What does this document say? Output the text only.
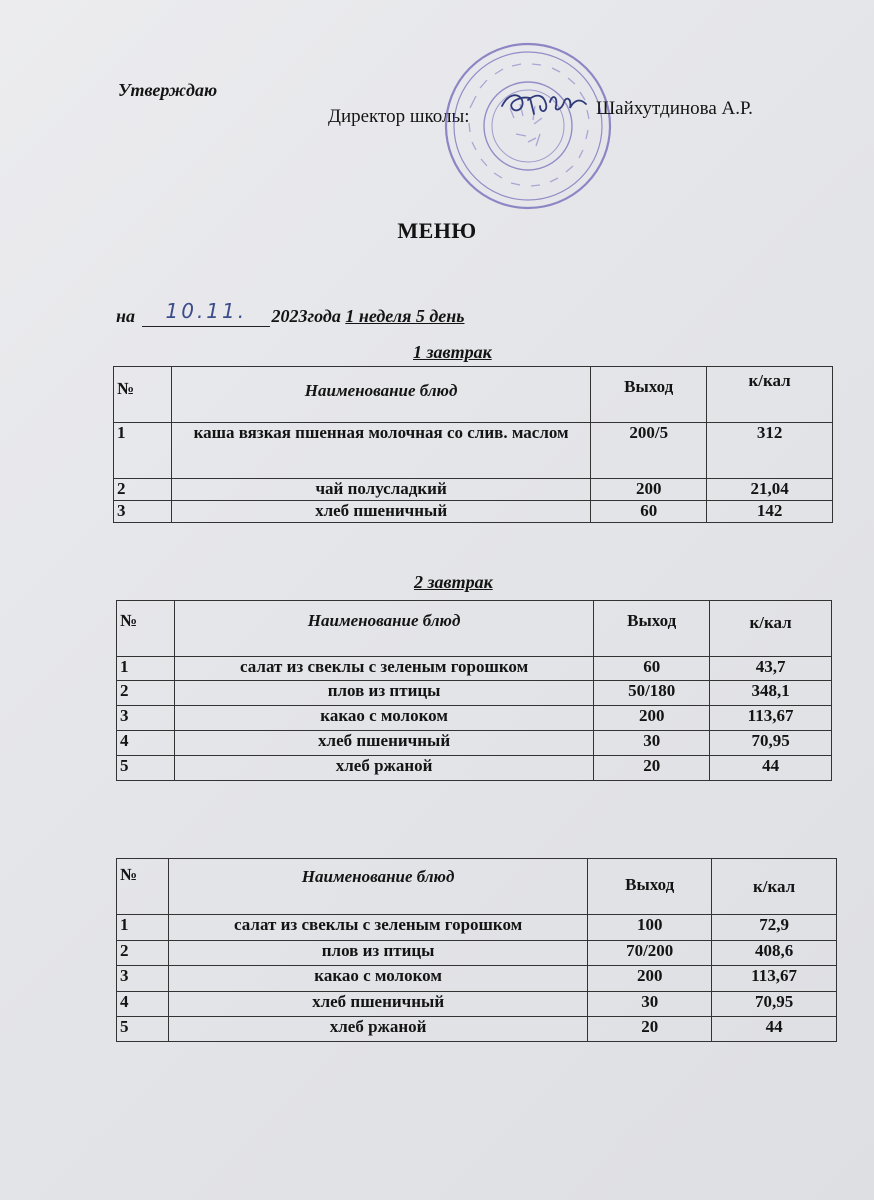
Утверждаю
Директор школы:	Шайхутдинова А.Р.
МЕНЮ
на 10.11. 2023года 1 неделя 5 день
1 завтрак
№	Наименование блюд	Выход	к/кал
1	каша вязкая пшенная молочная со слив. маслом	200/5	312
2	чай полусладкий	200	21,04
3	хлеб пшеничный	60	142
2 завтрак
№	Наименование блюд	Выход	к/кал
1	салат из свеклы с зеленым горошком	60	43,7
2	плов из птицы	50/180	348,1
3	какао с молоком	200	113,67
4	хлеб пшеничный	30	70,95
5	хлеб ржаной	20	44
№	Наименование блюд	Выход	к/кал
1	салат из свеклы с зеленым горошком	100	72,9
2	плов из птицы	70/200	408,6
3	какао с молоком	200	113,67
4	хлеб пшеничный	30	70,95
5	хлеб ржаной	20	44
